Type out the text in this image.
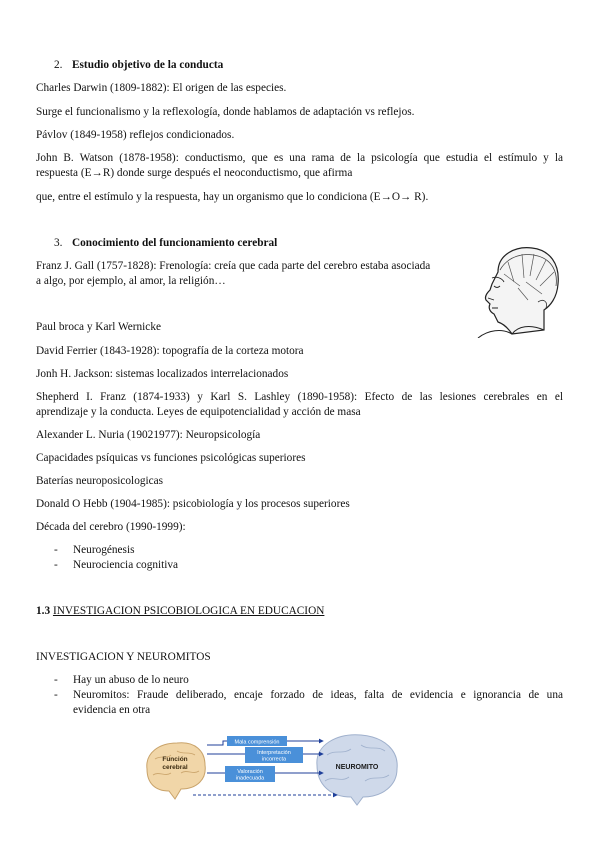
2. Estudio objetivo de la conducta
Charles Darwin (1809-1882): El origen de las especies.
Surge el funcionalismo y la reflexología, donde hablamos de adaptación vs reflejos.
Pávlov (1849-1958) reflejos condicionados.
John B. Watson (1878-1958): conductismo, que es una rama de la psicología que estudia el estímulo y la
respuesta (E→R) donde surge después el neoconductismo, que afirma
que, entre el estímulo y la respuesta, hay un organismo que lo condiciona (E→O→ R).
3. Conocimiento del funcionamiento cerebral
Franz J. Gall (1757-1828): Frenología: creía que cada parte del cerebro estaba asociada
a algo, por ejemplo, al amor, la religión…
Paul broca y Karl Wernicke
David Ferrier (1843-1928): topografía de la corteza motora
Jonh H. Jackson: sistemas localizados interrelacionados
Shepherd I. Franz (1874-1933) y Karl S. Lashley (1890-1958): Efecto de las lesiones cerebrales en el
aprendizaje y la conducta. Leyes de equipotencialidad y acción de masa
Alexander L. Nuria (19021977): Neuropsicología
Capacidades psíquicas vs funciones psicológicas superiores
Baterías neuroposicologicas
Donald O Hebb (1904-1985): psicobiología y los procesos superiores
Década del cerebro (1990-1999):
- Neurogénesis
- Neurociencia cognitiva
1.3 INVESTIGACION PSICOBIOLOGICA EN EDUCACION
INVESTIGACION Y NEUROMITOS
- Hay un abuso de lo neuro
- Neuromitos: Fraude deliberado, encaje forzado de ideas, falta de evidencia e ignorancia de una
evidencia en otra
Función
cerebral	NEUROMITO
Mala comprensión
Interpretación
incorrecta
Valoración
inadecuada
